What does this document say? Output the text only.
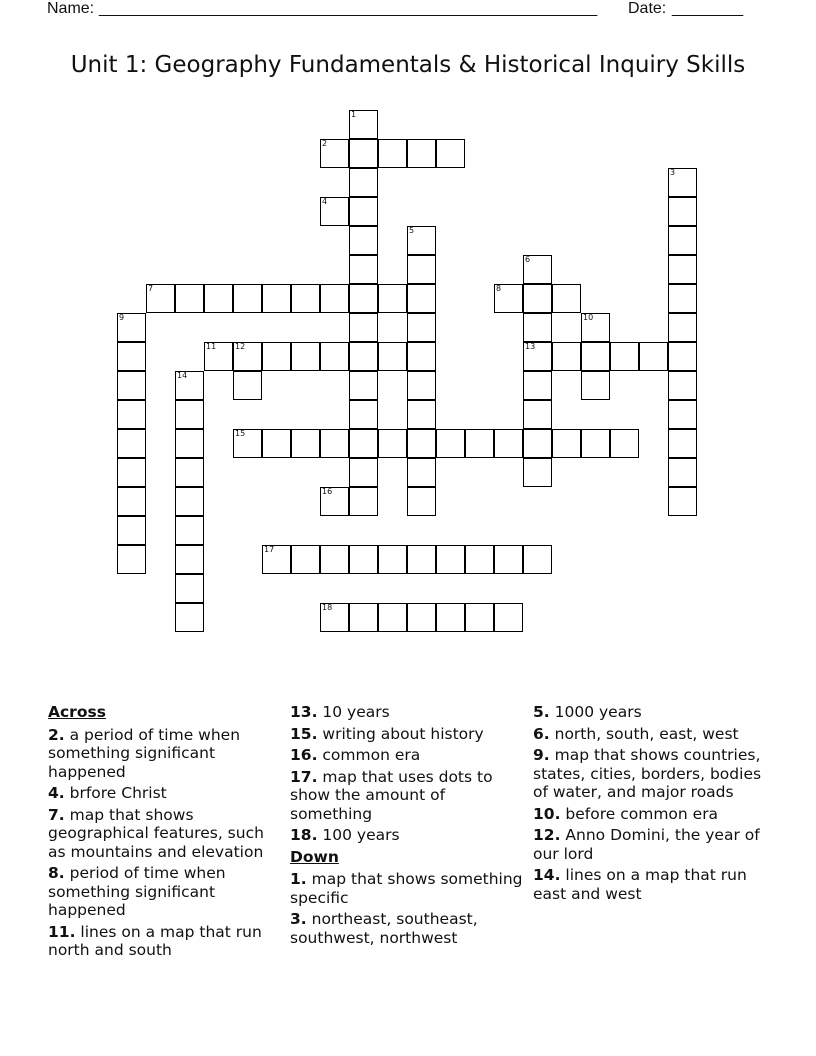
Name: ________________________________________________________ Date: ________
Unit 1: Geography Fundamentals & Historical Inquiry Skills
1
2
3
4
5
6
13
7	8
9	10
11 12
14
15
16
17
18
Across
2. a period of time when something significant happened
4. brfore Christ
7. map that shows geographical features, such as mountains and elevation
8. period of time when something significant happened
11. lines on a map that run north and south
13. 10 years
15. writing about history
16. common era
17. map that uses dots to show the amount of something
18. 100 years
Down
1. map that shows something specific
3. northeast, southeast, southwest, northwest
5. 1000 years
6. north, south, east, west
9. map that shows countries, states, cities, borders, bodies of water, and major roads
10. before common era
12. Anno Domini, the year of our lord
14. lines on a map that run east and west
